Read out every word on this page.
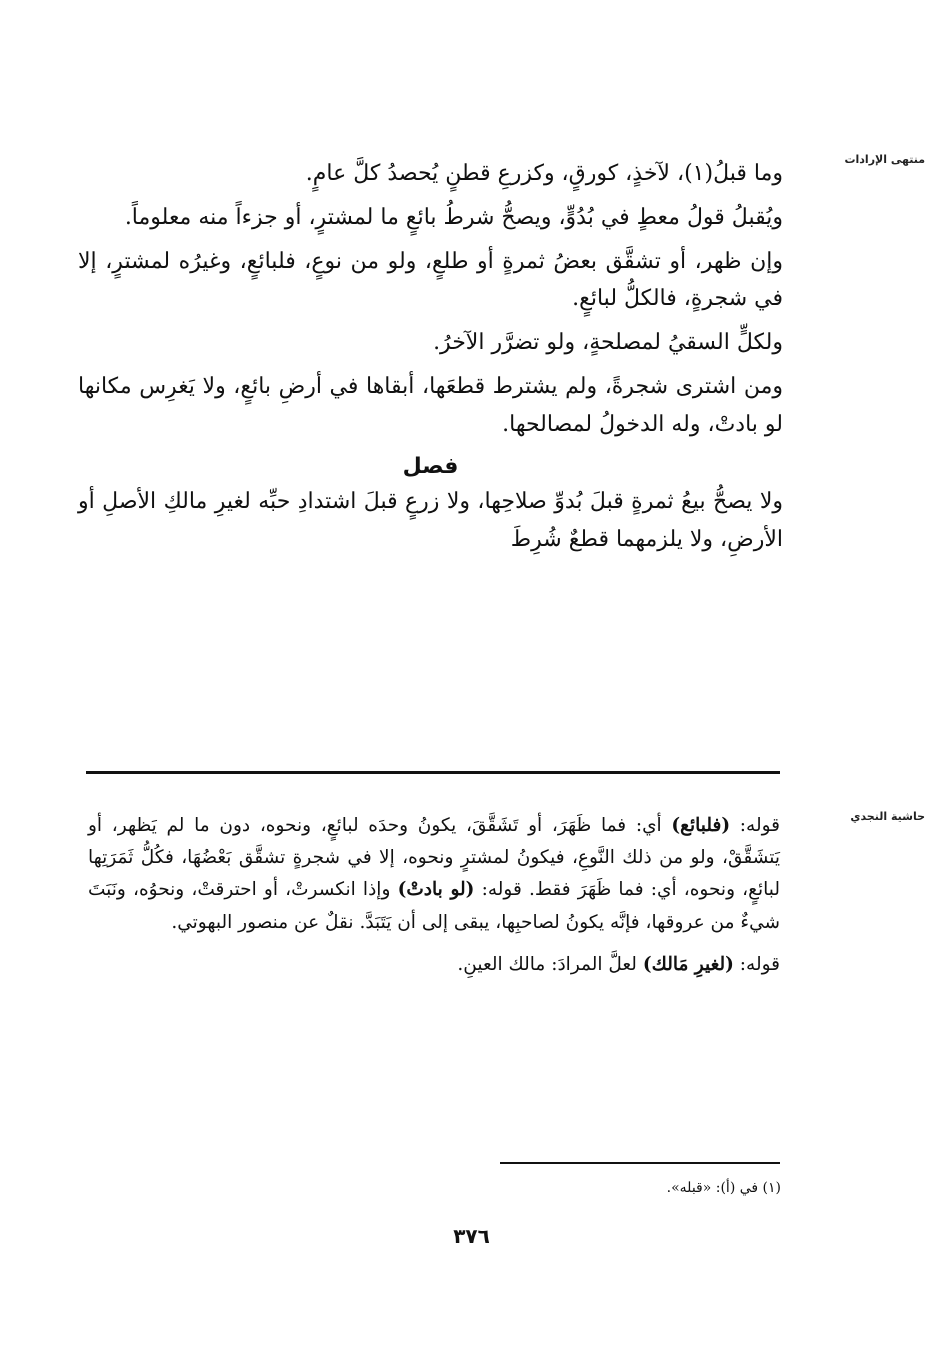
منتهى الإرادات

وما قبلُ(١)، لآخذٍ، كورقٍ، وكزرعِ قطنٍ يُحصدُ كلَّ عامٍ.

ويُقبلُ قولُ معطٍ في بُدُوٍّ، ويصحُّ شرطُ بائعٍ ما لمشترٍ، أو جزءاً منه معلوماً.

وإن ظهر، أو تشقَّق بعضُ ثمرةٍ أو طلعٍ، ولو من نوعٍ، فلبائعٍ، وغيرُه لمشترٍ، إلا في شجرةٍ، فالكلُّ لبائعٍ.

ولكلٍّ السقيُ لمصلحةٍ، ولو تضرَّر الآخرُ.

ومن اشترى شجرةً، ولم يشترط قطعَها، أبقاها في أرضِ بائعٍ، ولا يَغرِس مكانها لو بادتْ، وله الدخولُ لمصالحها.

فصل

ولا يصحُّ بيعُ ثمرةٍ قبلَ بُدوِّ صلاحِها، ولا زرعٍ قبلَ اشتدادِ حبِّه لغيرِ مالكِ الأصلِ أو الأرضِ، ولا يلزمهما قطعٌ شُرِطَ

حاشية النجدي

قوله: (فلبائع) أي: فما ظَهَرَ، أو تَشَقَّقَ، يكونُ وحدَه لبائعٍ، ونحوه، دون ما لم يَظهر، أو يَتشَقَّقْ، ولو من ذلك النَّوعِ، فيكونُ لمشترٍ ونحوه، إلا في شجرةٍ تشقَّق بَعْضُهَا، فكُلُّ ثَمَرَتِها لبائعٍ، ونحوه، أي: فما ظَهَرَ فقط. قوله: (لو بادتْ) وإذا انكسرتْ، أو احترقتْ، ونحوُه، ونَبَتَ شيءٌ من عروقها، فإنَّه يكونُ لصاحبِها، يبقى إلى أن يَتَبَدَّ. نقلٌ عن منصور البهوتي.

قوله: (لغيرِ مَالك) لعلَّ المرادَ: مالك العينِ.

(١) في (أ): «قبله».
٣٧٦
